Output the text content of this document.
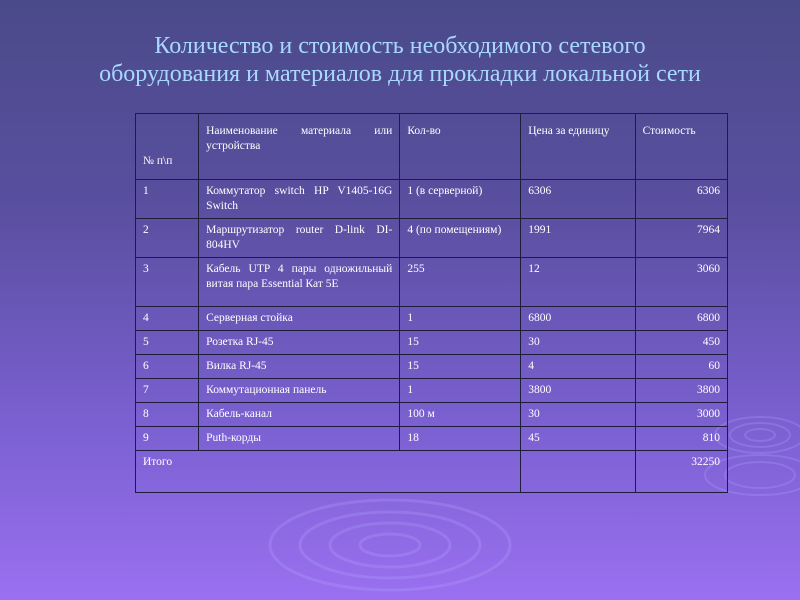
Количество и стоимость необходимого сетевого
оборудования и материалов для прокладки локальной сети
№ п\п	Наименование материала или устройства	Кол-во	Цена за единицу	Стоимость
1	Коммутатор switch HP V1405-16G Switch	1 (в серверной)	6306	6306
2	Маршрутизатор router D-link DI-804HV	4 (по помещениям)	1991	7964
3	Кабель UTP 4 пары одножильный витая пара Essential Кат 5Е	255	12	3060
4	Серверная стойка	1	6800	6800
5	Розетка RJ-45	15	30	450
6	Вилка RJ-45	15	4	60
7	Коммутационная панель	1	3800	3800
8	Кабель-канал	100 м	30	3000
9	Puth-корды	18	45	810
Итого				32250
